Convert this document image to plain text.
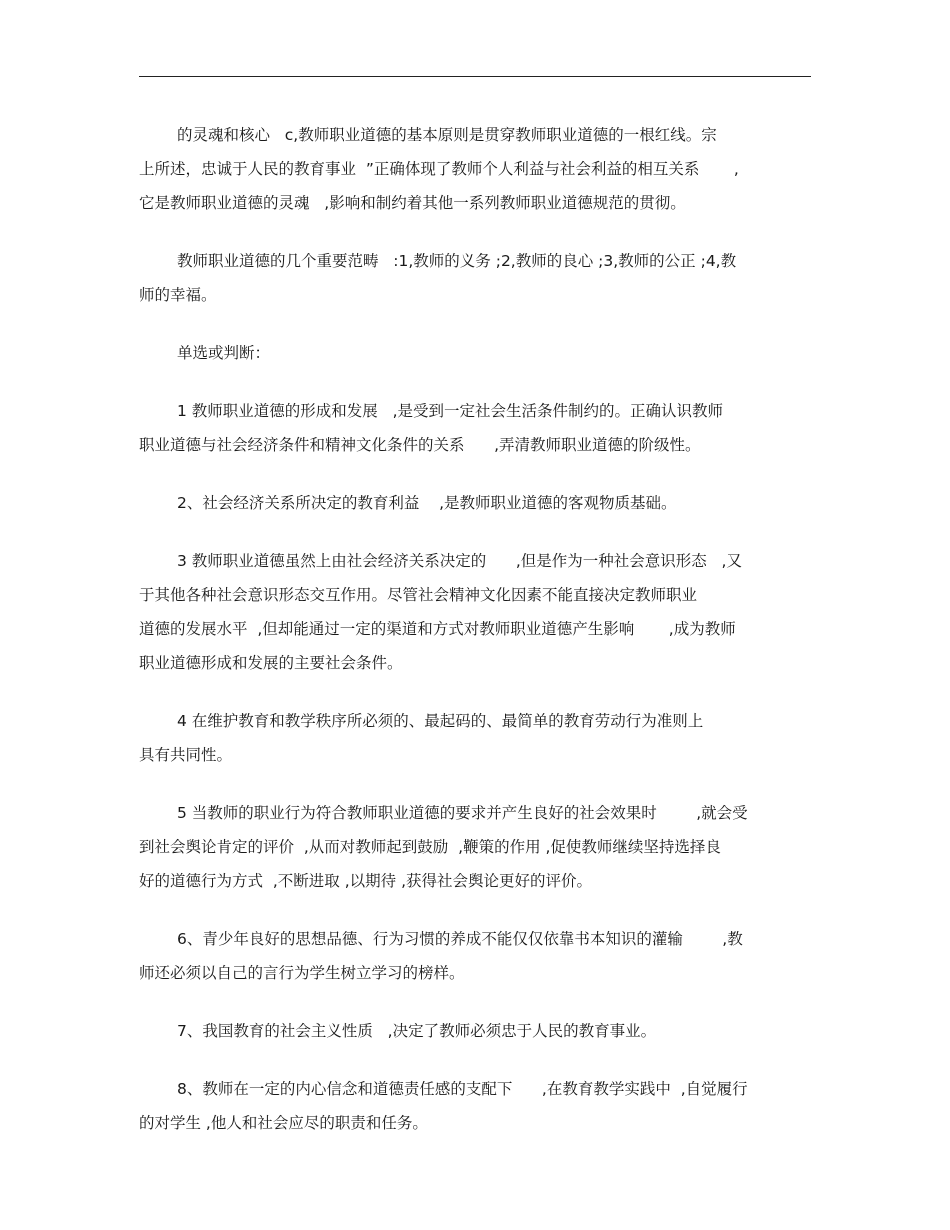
的灵魂和核心   c,教师职业道德的基本原则是贯穿教师职业道德的一根红线。宗
上所述，忠诚于人民的教育事业  ”正确体现了教师个人利益与社会利益的相互关系       ,
它是教师职业道德的灵魂   ,影响和制约着其他一系列教师职业道德规范的贯彻。
教师职业道德的几个重要范畴   :1,教师的义务 ;2,教师的良心 ;3,教师的公正 ;4,教
师的幸福。
单选或判断：
1 教师职业道德的形成和发展   ,是受到一定社会生活条件制约的。正确认识教师
职业道德与社会经济条件和精神文化条件的关系      ,弄清教师职业道德的阶级性。
2、社会经济关系所决定的教育利益    ,是教师职业道德的客观物质基础。
3 教师职业道德虽然上由社会经济关系决定的      ,但是作为一种社会意识形态   ,又
于其他各种社会意识形态交互作用。尽管社会精神文化因素不能直接决定教师职业
道德的发展水平  ,但却能通过一定的渠道和方式对教师职业道德产生影响       ,成为教师
职业道德形成和发展的主要社会条件。
4 在维护教育和教学秩序所必须的、最起码的、最简单的教育劳动行为准则上
具有共同性。
5 当教师的职业行为符合教师职业道德的要求并产生良好的社会效果时        ,就会受
到社会舆论肯定的评价  ,从而对教师起到鼓励  ,鞭策的作用 ,促使教师继续坚持选择良
好的道德行为方式  ,不断进取 ,以期待 ,获得社会舆论更好的评价。
6、青少年良好的思想品德、行为习惯的养成不能仅仅依靠书本知识的灌输        ,教
师还必须以自己的言行为学生树立学习的榜样。
7、我国教育的社会主义性质   ,决定了教师必须忠于人民的教育事业。
8、教师在一定的内心信念和道德责任感的支配下      ,在教育教学实践中  ,自觉履行
的对学生 ,他人和社会应尽的职责和任务。
